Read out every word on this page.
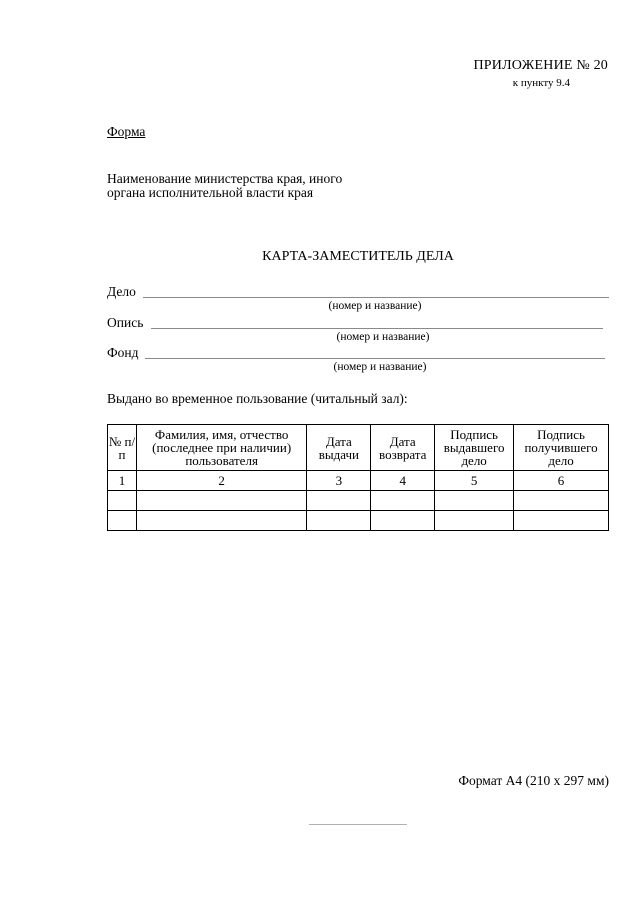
ПРИЛОЖЕНИЕ № 20
к пункту 9.4
Форма
Наименование министерства края, иного органа исполнительной власти края
КАРТА-ЗАМЕСТИТЕЛЬ ДЕЛА
Дело
(номер и название)
Опись
(номер и название)
Фонд
(номер и название)
Выдано во временное пользование (читальный зал):
№ п/п	Фамилия, имя, отчество (последнее при наличии) пользователя	Дата выдачи	Дата возврата	Подпись выдавшего дело	Подпись получившего дело
1	2	3	4	5	6

Формат А4 (210 х 297 мм)
